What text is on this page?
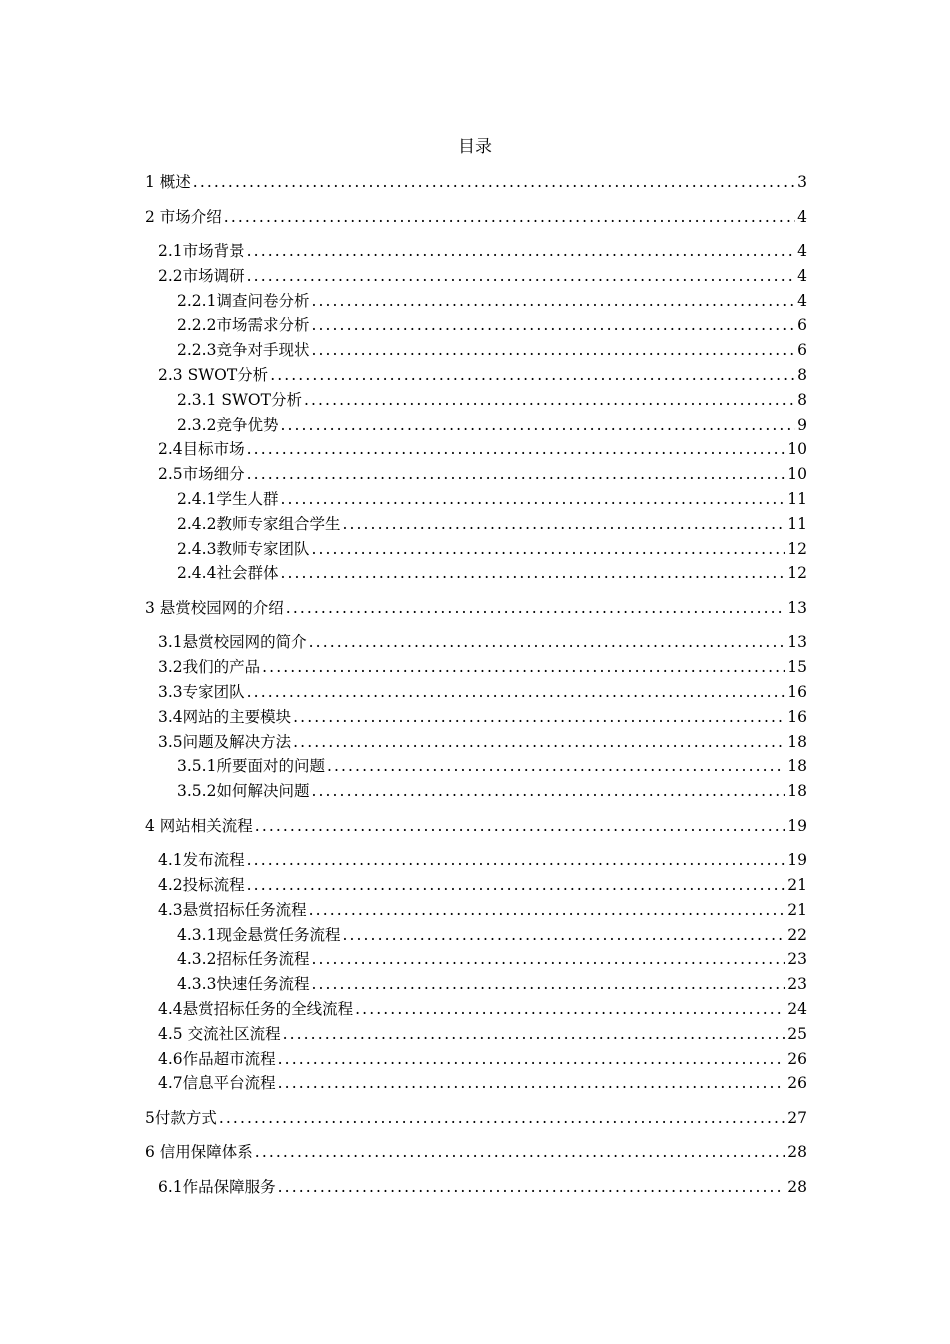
目录
1 概述 .....	3
2 市场介绍 .....	4
2.1市场背景 .....	4
2.2市场调研 .....	4
2.2.1调查问卷分析 .....	4
2.2.2市场需求分析 .....	6
2.2.3竞争对手现状 .....	6
2.3 SWOT分析 .....	8
2.3.1 SWOT分析 .....	8
2.3.2竞争优势 .....	9
2.4目标市场 .....	10
2.5市场细分 .....	10
2.4.1学生人群 .....	11
2.4.2教师专家组合学生 .....	11
2.4.3教师专家团队 .....	12
2.4.4社会群体 .....	12
3 悬赏校园网的介绍 .....	13
3.1悬赏校园网的简介 .....	13
3.2我们的产品 .....	15
3.3专家团队 .....	16
3.4网站的主要模块 .....	16
3.5问题及解决方法 .....	18
3.5.1所要面对的问题 .....	18
3.5.2如何解决问题 .....	18
4 网站相关流程 .....	19
4.1发布流程 .....	19
4.2投标流程 .....	21
4.3悬赏招标任务流程 .....	21
4.3.1现金悬赏任务流程 .....	22
4.3.2招标任务流程 .....	23
4.3.3快速任务流程 .....	23
4.4悬赏招标任务的全线流程 .....	24
4.5 交流社区流程 .....	25
4.6作品超市流程 .....	26
4.7信息平台流程 .....	26
5付款方式 .....	27
6 信用保障体系 .....	28
6.1作品保障服务 .....	28
